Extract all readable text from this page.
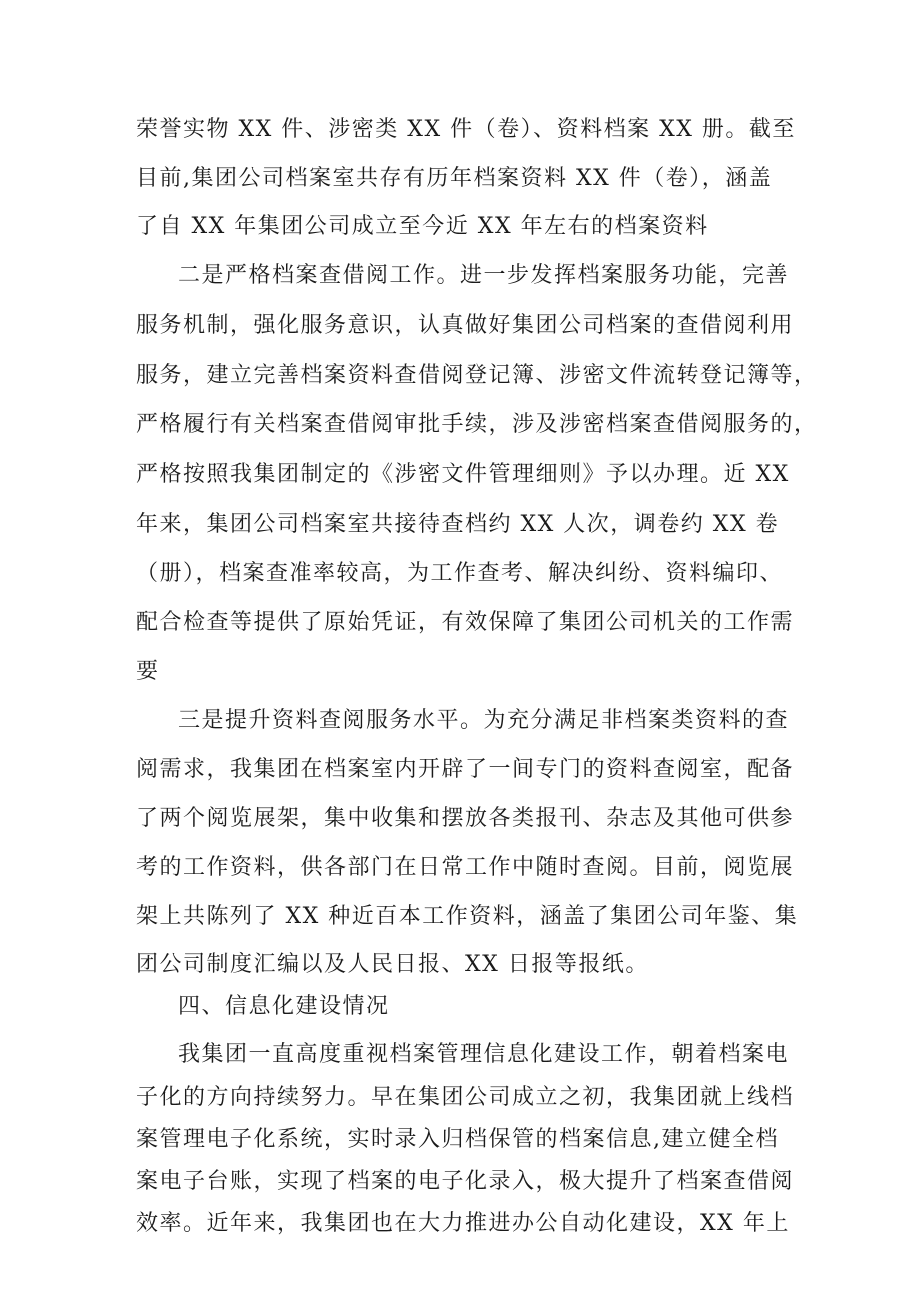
荣誉实物 XX 件、涉密类 XX 件（卷）、资料档案 XX 册。截至
目前,集团公司档案室共存有历年档案资料 XX 件（卷），涵盖
了自 XX 年集团公司成立至今近 XX 年左右的档案资料
二是严格档案查借阅工作。进一步发挥档案服务功能，完善
服务机制，强化服务意识，认真做好集团公司档案的查借阅利用
服务，建立完善档案资料查借阅登记簿、涉密文件流转登记簿等，
严格履行有关档案查借阅审批手续，涉及涉密档案查借阅服务的，
严格按照我集团制定的《涉密文件管理细则》予以办理。近 XX
年来，集团公司档案室共接待查档约 XX 人次，调卷约 XX 卷
（册），档案查准率较高，为工作查考、解决纠纷、资料编印、
配合检查等提供了原始凭证，有效保障了集团公司机关的工作需
要
三是提升资料查阅服务水平。为充分满足非档案类资料的查
阅需求，我集团在档案室内开辟了一间专门的资料查阅室，配备
了两个阅览展架，集中收集和摆放各类报刊、杂志及其他可供参
考的工作资料，供各部门在日常工作中随时查阅。目前，阅览展
架上共陈列了 XX 种近百本工作资料，涵盖了集团公司年鉴、集
团公司制度汇编以及人民日报、XX 日报等报纸。
四、信息化建设情况
我集团一直高度重视档案管理信息化建设工作，朝着档案电
子化的方向持续努力。早在集团公司成立之初，我集团就上线档
案管理电子化系统，实时录入归档保管的档案信息,建立健全档
案电子台账，实现了档案的电子化录入，极大提升了档案查借阅
效率。近年来，我集团也在大力推进办公自动化建设，XX 年上
